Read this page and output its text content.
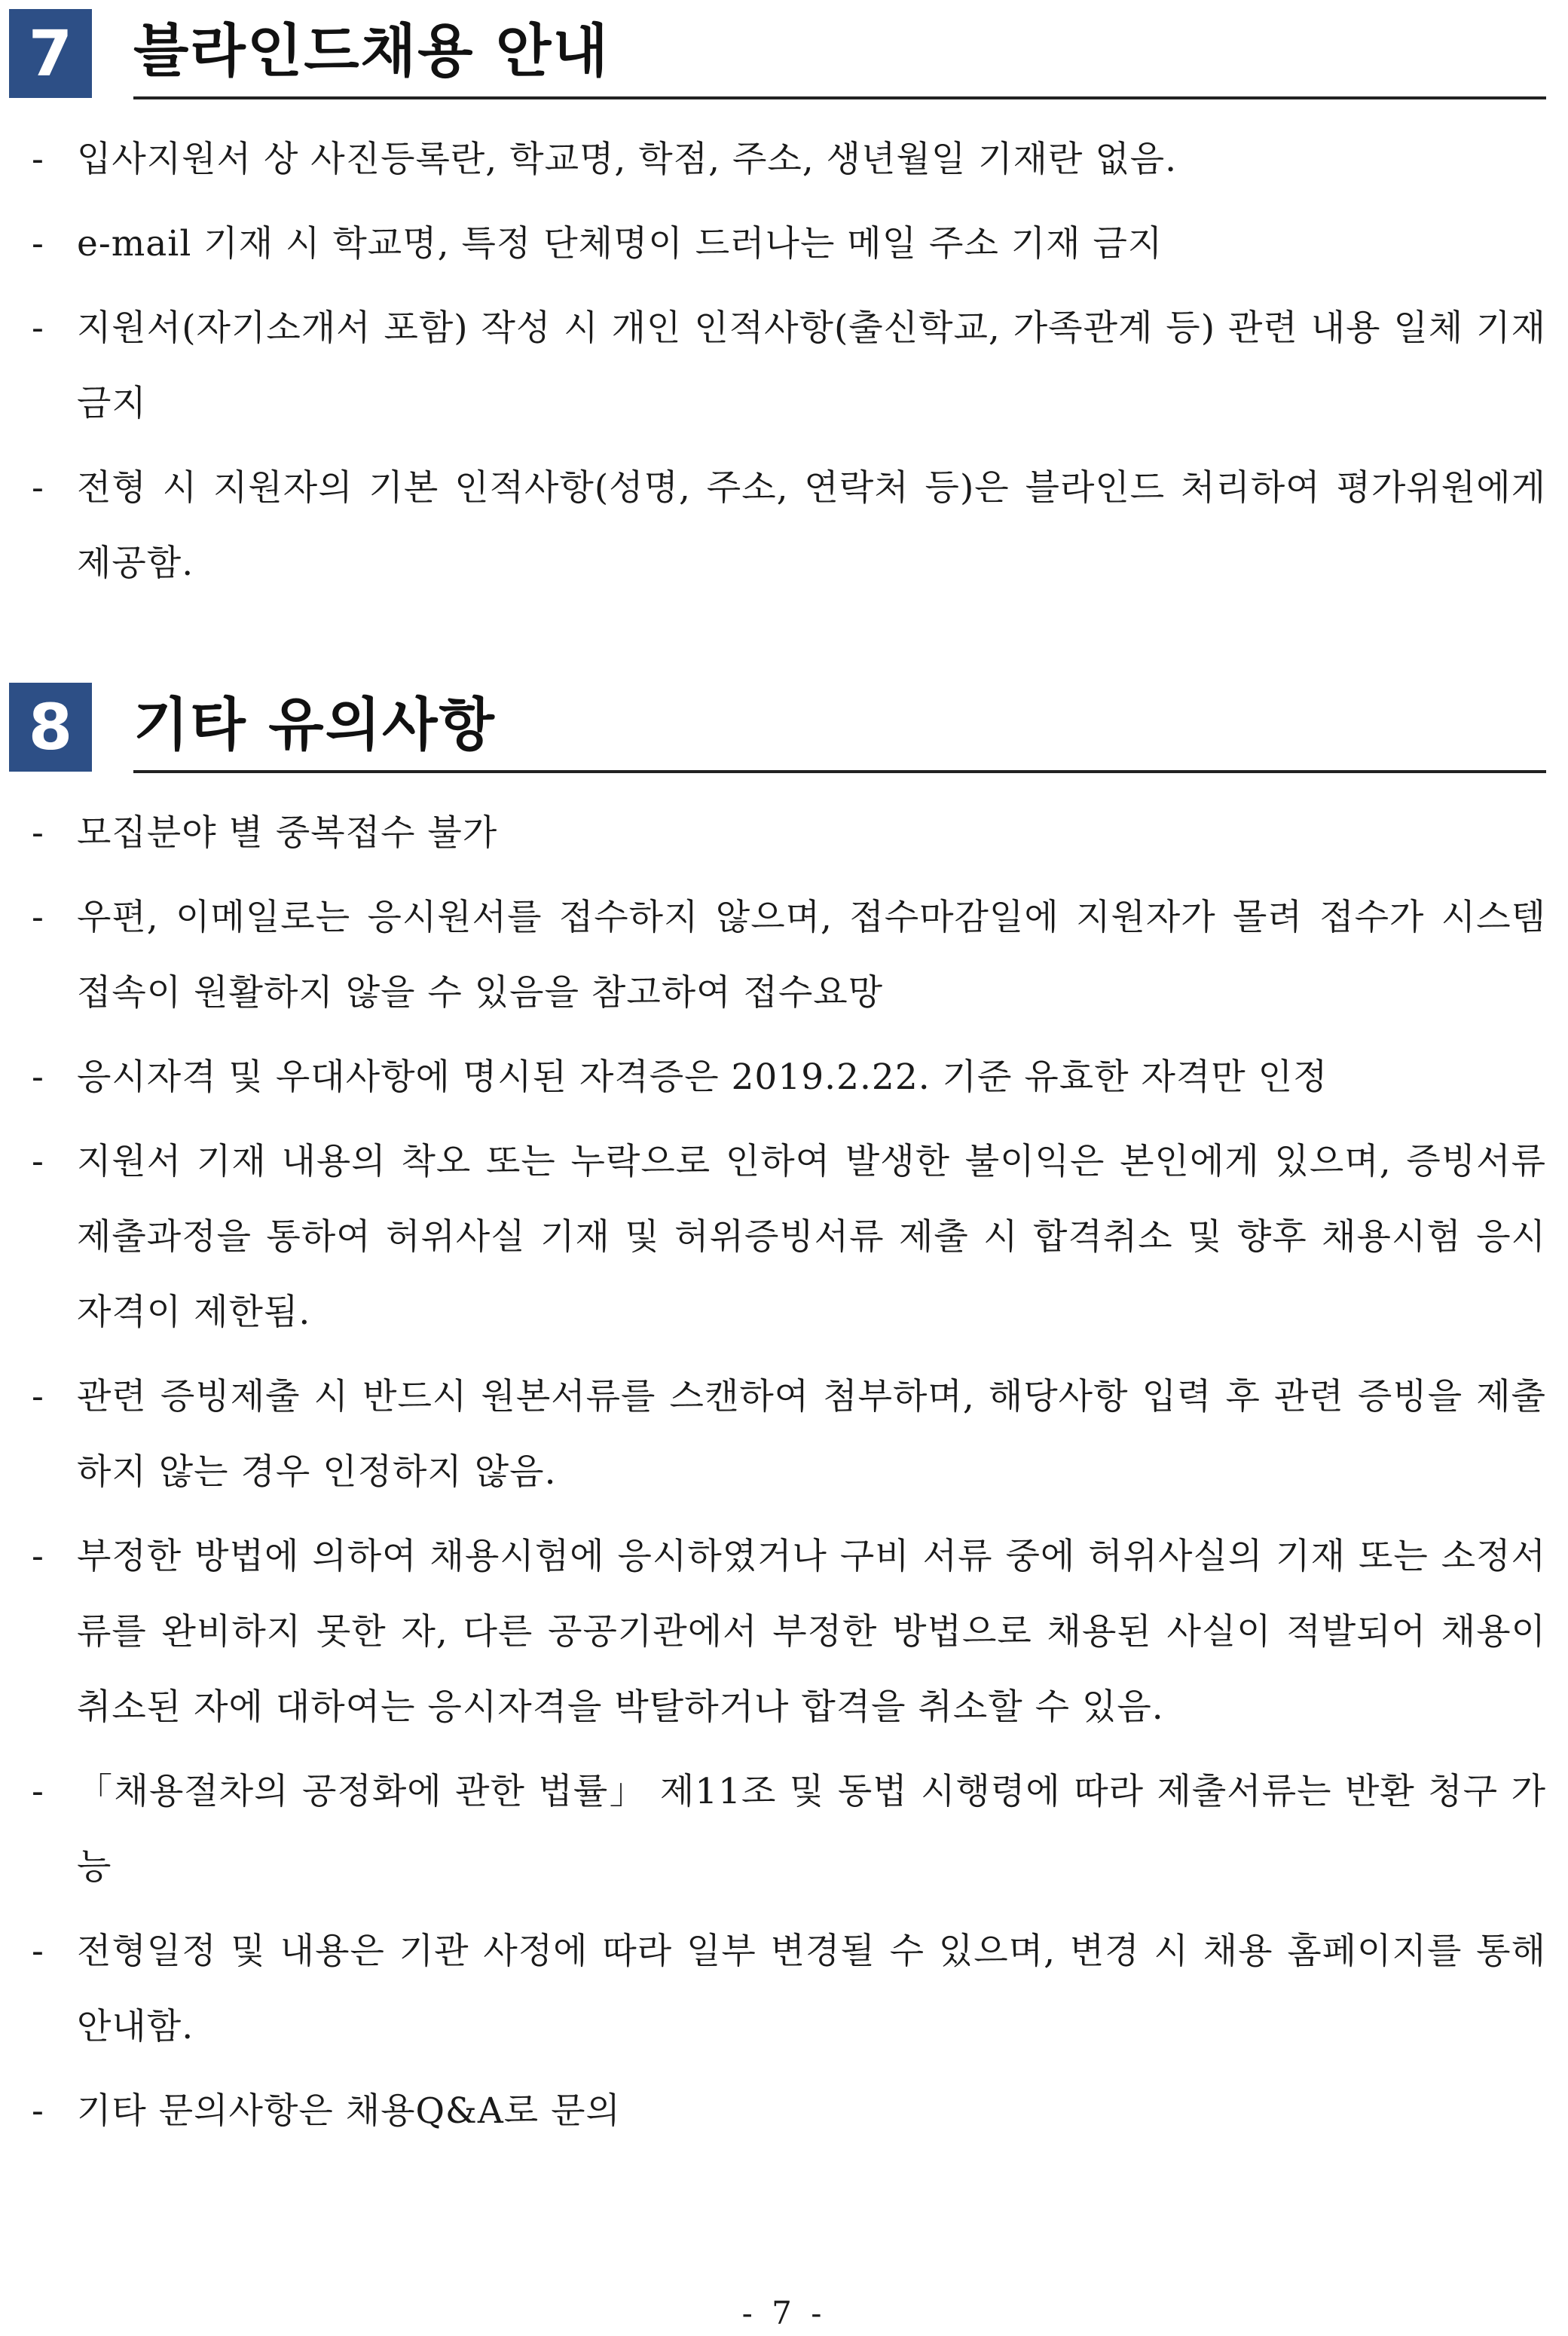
7	블라인드채용 안내
- 입사지원서 상 사진등록란, 학교명, 학점, 주소, 생년월일 기재란 없음.
- e-mail 기재 시 학교명, 특정 단체명이 드러나는 메일 주소 기재 금지
- 지원서(자기소개서 포함) 작성 시 개인 인적사항(출신학교, 가족관계 등) 관련 내용 일체 기재 금지
- 전형 시 지원자의 기본 인적사항(성명, 주소, 연락처 등)은 블라인드 처리하여 평가위원에게 제공함.
8	기타 유의사항
- 모집분야 별 중복접수 불가
- 우편, 이메일로는 응시원서를 접수하지 않으며, 접수마감일에 지원자가 몰려 접수가 시스템 접속이 원활하지 않을 수 있음을 참고하여 접수요망
- 응시자격 및 우대사항에 명시된 자격증은 2019.2.22. 기준 유효한 자격만 인정
- 지원서 기재 내용의 착오 또는 누락으로 인하여 발생한 불이익은 본인에게 있으며, 증빙서류 제출과정을 통하여 허위사실 기재 및 허위증빙서류 제출 시 합격취소 및 향후 채용시험 응시자격이 제한됨.
- 관련 증빙제출 시 반드시 원본서류를 스캔하여 첨부하며, 해당사항 입력 후 관련 증빙을 제출하지 않는 경우 인정하지 않음.
- 부정한 방법에 의하여 채용시험에 응시하였거나 구비 서류 중에 허위사실의 기재 또는 소정서류를 완비하지 못한 자, 다른 공공기관에서 부정한 방법으로 채용된 사실이 적발되어 채용이 취소된 자에 대하여는 응시자격을 박탈하거나 합격을 취소할 수 있음.
- 「채용절차의 공정화에 관한 법률」 제11조 및 동법 시행령에 따라 제출서류는 반환 청구 가능
- 전형일정 및 내용은 기관 사정에 따라 일부 변경될 수 있으며, 변경 시 채용 홈페이지를 통해 안내함.
- 기타 문의사항은 채용Q&A로 문의
- 7 -
